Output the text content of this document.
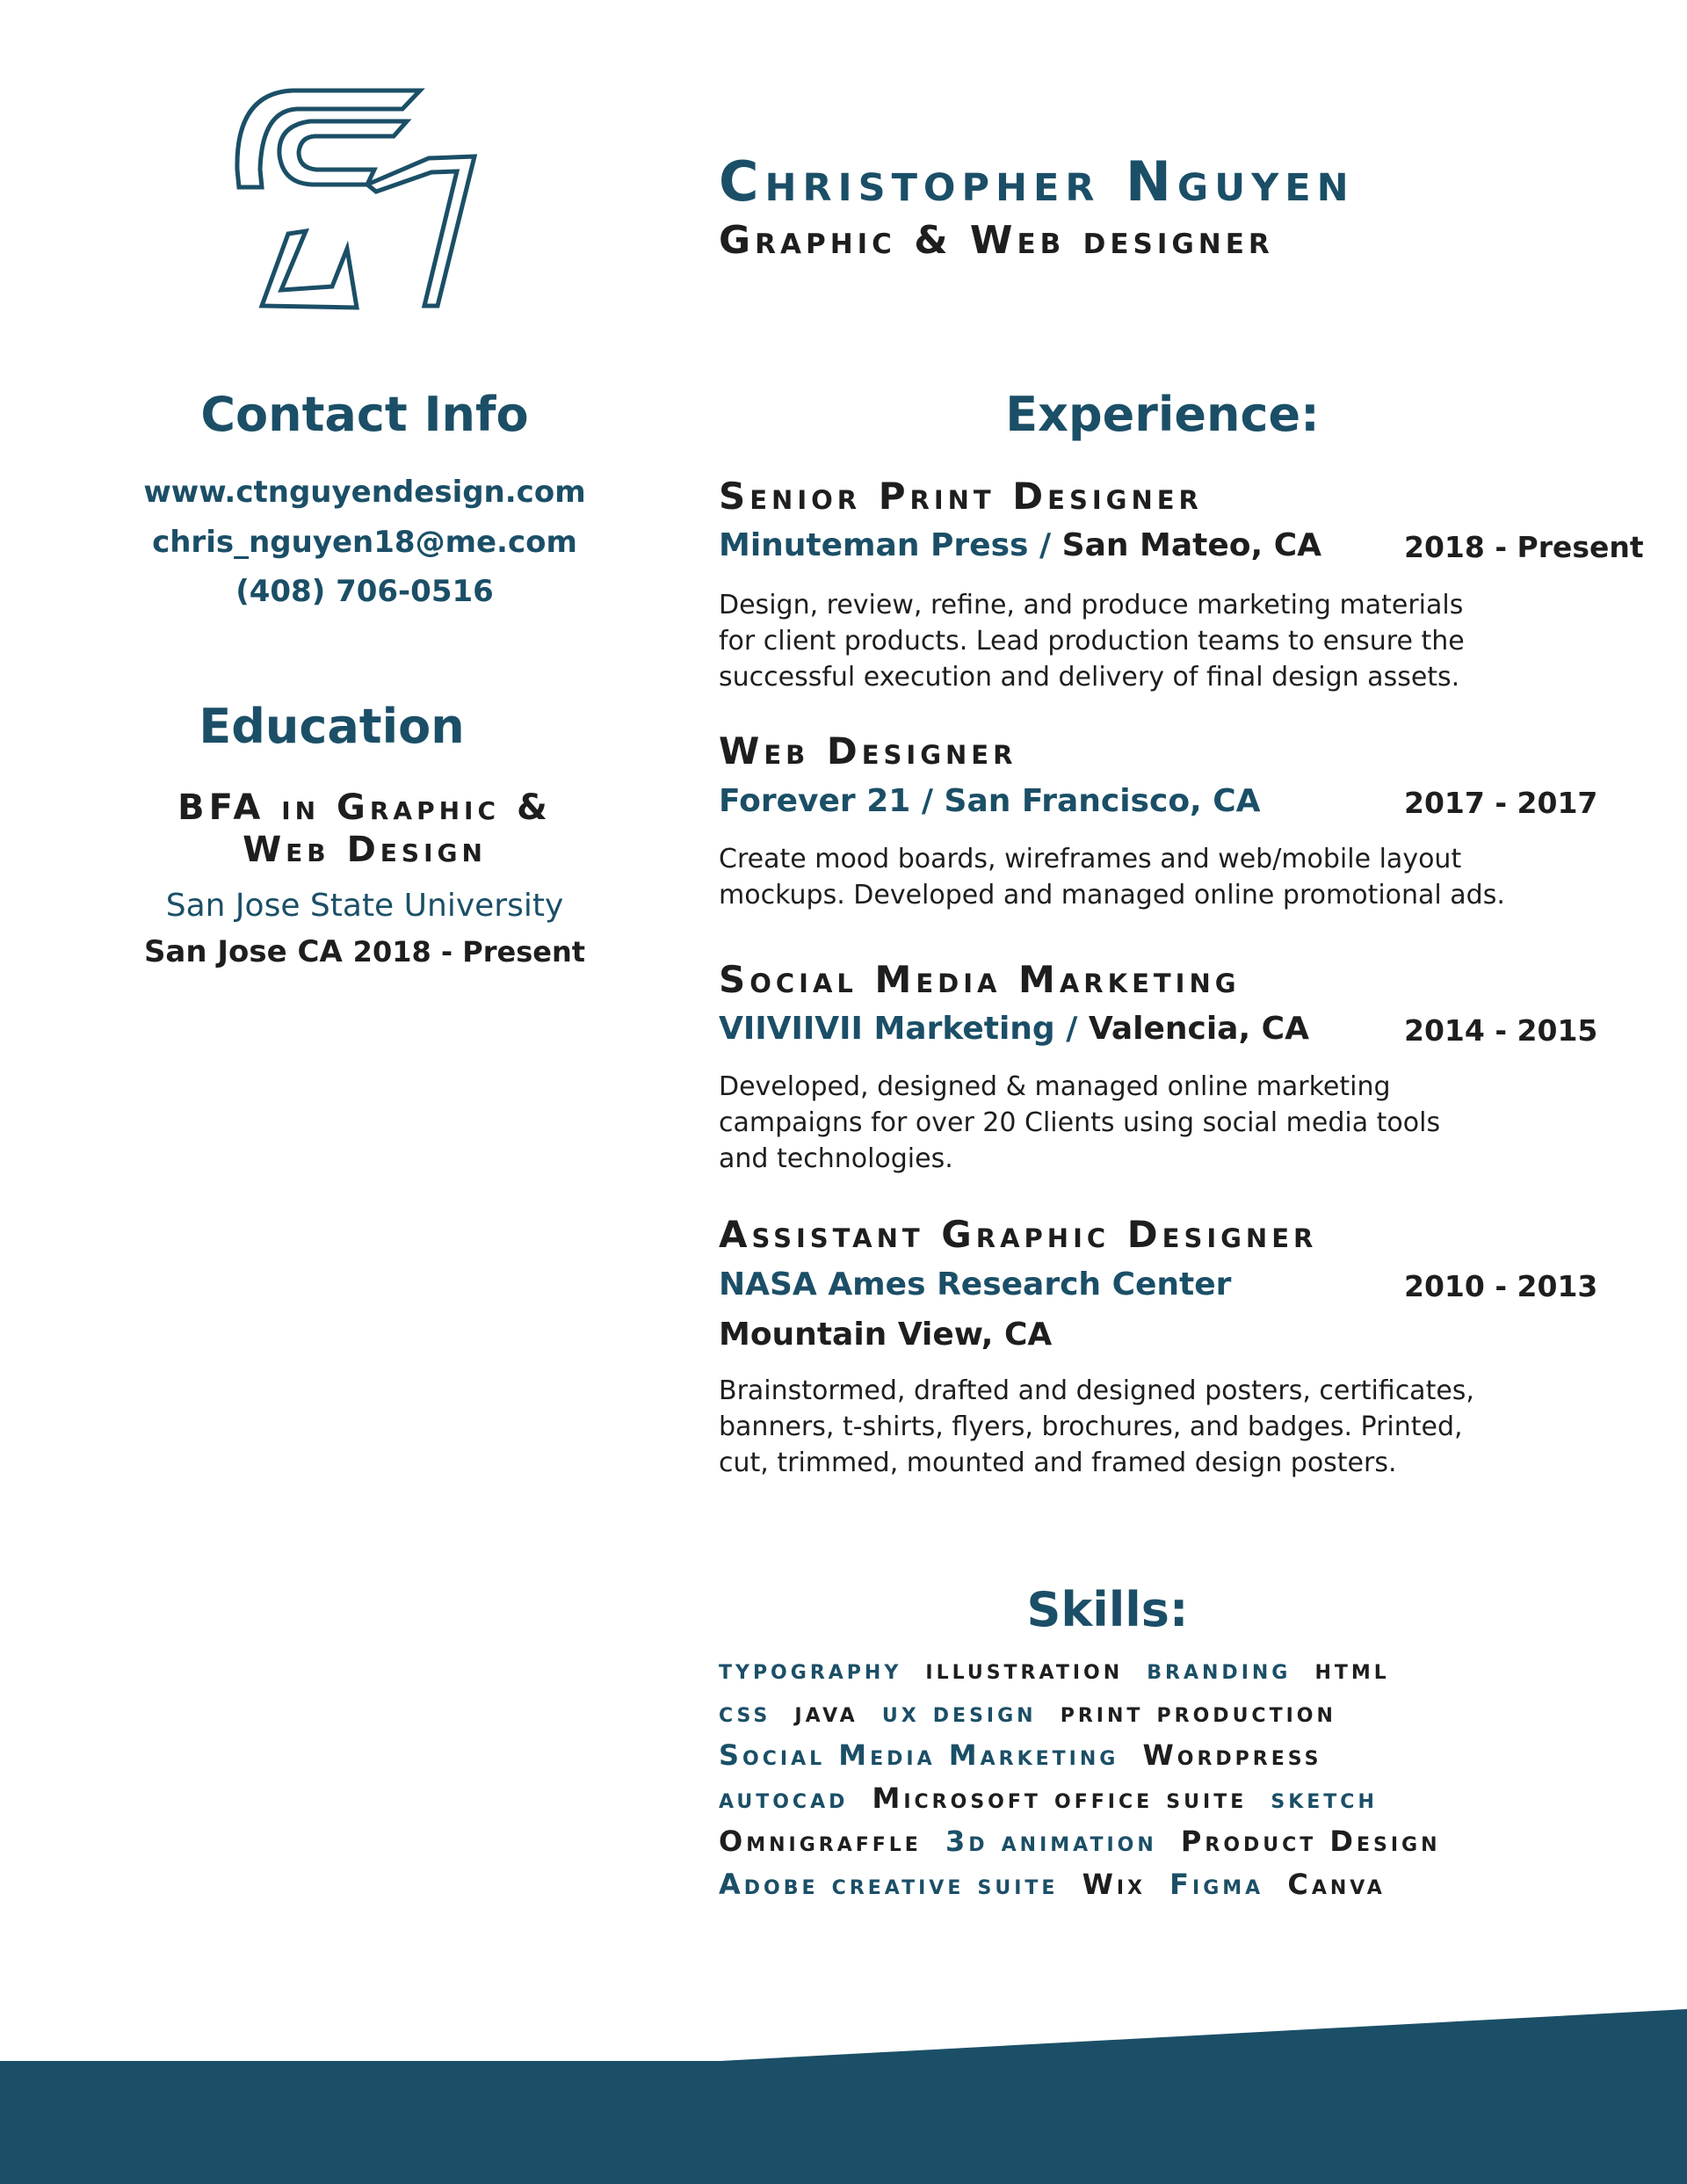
Christopher Nguyen
Graphic & Web designer
Contact Info
www.ctnguyendesign.com
chris_nguyen18@me.com
(408) 706-0516
Education
BFA in Graphic &
Web Design
San Jose State University
San Jose CA 2018 - Present
Experience:
Senior Print Designer
Minuteman Press / San Mateo, CA	2018 - Present
Design, review, refine, and produce marketing materials
for client products. Lead production teams to ensure the
successful execution and delivery of final design assets.
Web Designer
Forever 21 / San Francisco, CA	2017 - 2017
Create mood boards, wireframes and web/mobile layout
mockups. Developed and managed online promotional ads.
Social Media Marketing
VIIVIIVII Marketing / Valencia, CA	2014 - 2015
Developed, designed & managed online marketing
campaigns for over 20 Clients using social media tools
and technologies.
Assistant Graphic Designer
NASA Ames Research Center	2010 - 2013
Mountain View, CA
Brainstormed, drafted and designed posters, certificates,
banners, t-shirts, flyers, brochures, and badges. Printed,
cut, trimmed, mounted and framed design posters.
Skills:
typography illustration branding html
css java ux design print production
Social Media Marketing Wordpress
autocad Microsoft office suite sketch
Omnigraffle 3d animation Product Design
Adobe creative suite Wix Figma Canva
